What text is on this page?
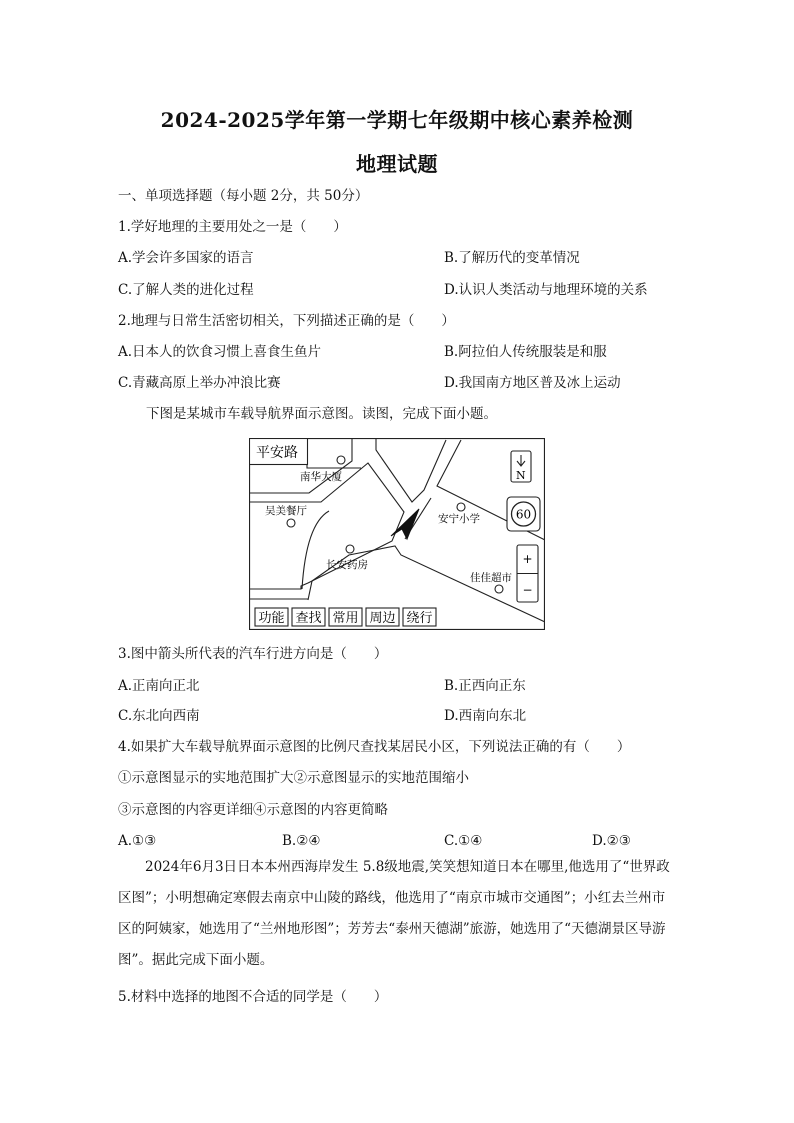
2024-2025学年第一学期七年级期中核心素养检测
地理试题
一、单项选择题（每小题 2分，共 50分）
1.学好地理的主要用处之一是（　　）
A.学会许多国家的语言	B.了解历代的变革情况
C.了解人类的进化过程	D.认识人类活动与地理环境的关系
2.地理与日常生活密切相关，下列描述正确的是（　　）
A.日本人的饮食习惯上喜食生鱼片	B.阿拉伯人传统服装是和服
C.青藏高原上举办冲浪比赛	D.我国南方地区普及冰上运动
下图是某城市车载导航界面示意图。读图，完成下面小题。
平安路
南华大厦
吴美餐厅
长安药房
安宁小学
佳佳超市
N
60
+
−
功能 查找 常用 周边 绕行
3.图中箭头所代表的汽车行进方向是（　　）
A.正南向正北	B.正西向正东
C.东北向西南	D.西南向东北
4.如果扩大车载导航界面示意图的比例尺查找某居民小区，下列说法正确的有（　　）
①示意图显示的实地范围扩大②示意图显示的实地范围缩小
③示意图的内容更详细④示意图的内容更简略
A.①③	B.②④	C.①④	D.②③
2024年6月3日日本本州西海岸发生 5.8级地震,笑笑想知道日本在哪里,他选用了“世界政区图”；小明想确定寒假去南京中山陵的路线，他选用了“南京市城市交通图”；小红去兰州市区的阿姨家，她选用了“兰州地形图”；芳芳去“泰州天德湖”旅游，她选用了“天德湖景区导游图”。据此完成下面小题。
5.材料中选择的地图不合适的同学是（　　）
